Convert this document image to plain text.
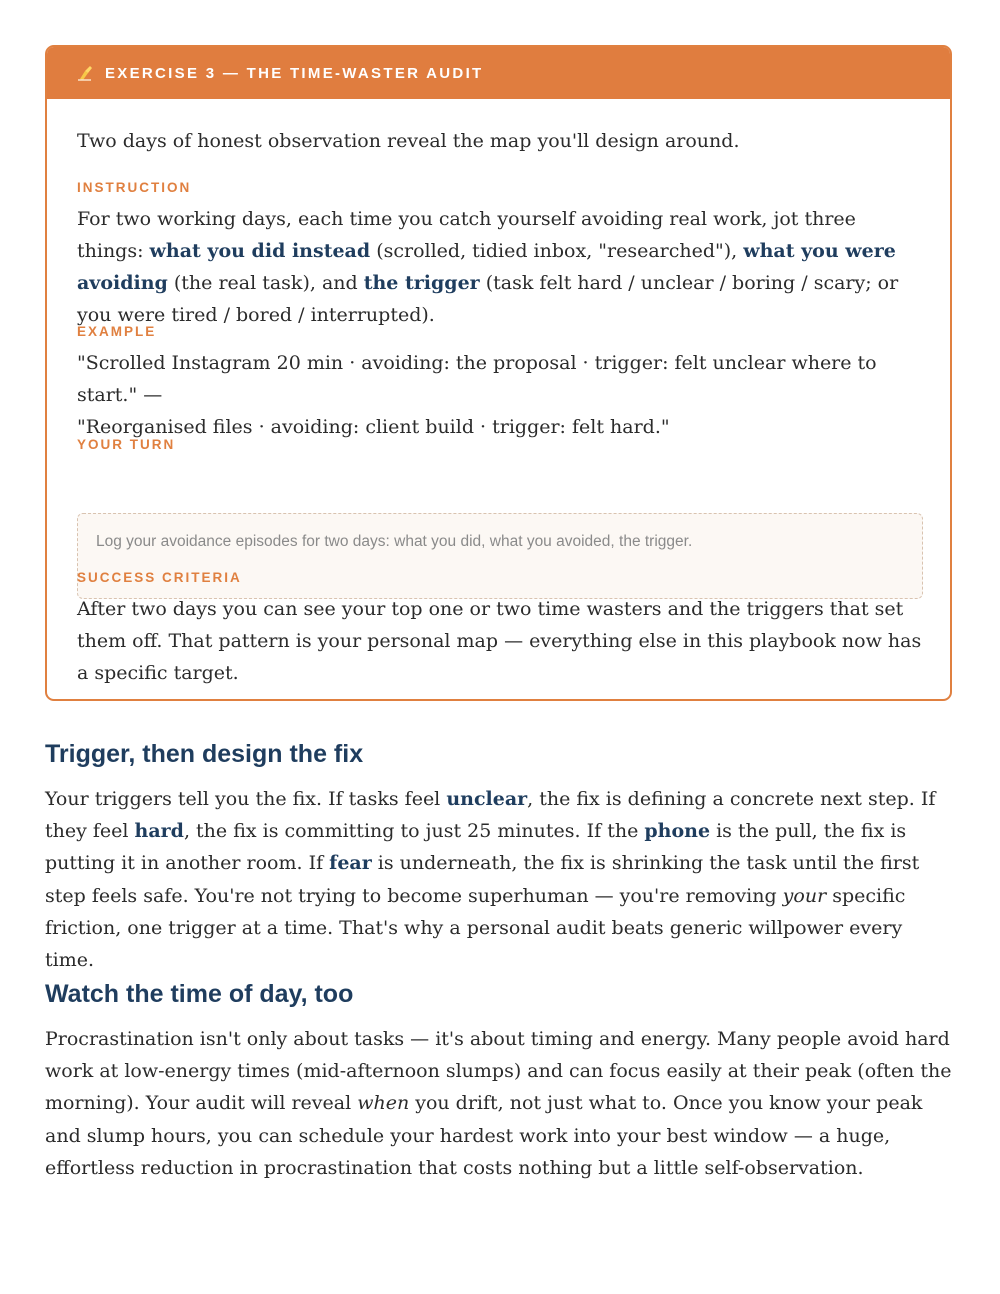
EXERCISE 3 — THE TIME-WASTER AUDIT
Two days of honest observation reveal the map you'll design around.
INSTRUCTION
For two working days, each time you catch yourself avoiding real work, jot three things: what you did instead (scrolled, tidied inbox, "researched"), what you were avoiding (the real task), and the trigger (task felt hard / unclear / boring / scary; or you were tired / bored / interrupted).
EXAMPLE
"Scrolled Instagram 20 min · avoiding: the proposal · trigger: felt unclear where to start." —
"Reorganised files · avoiding: client build · trigger: felt hard."
YOUR TURN
Log your avoidance episodes for two days: what you did, what you avoided, the trigger.
SUCCESS CRITERIA
After two days you can see your top one or two time wasters and the triggers that set them off. That pattern is your personal map — everything else in this playbook now has a specific target.
Trigger, then design the fix
Your triggers tell you the fix. If tasks feel unclear, the fix is defining a concrete next step. If they feel hard, the fix is committing to just 25 minutes. If the phone is the pull, the fix is putting it in another room. If fear is underneath, the fix is shrinking the task until the first step feels safe. You're not trying to become superhuman — you're removing your specific friction, one trigger at a time. That's why a personal audit beats generic willpower every time.
Watch the time of day, too
Procrastination isn't only about tasks — it's about timing and energy. Many people avoid hard work at low-energy times (mid-afternoon slumps) and can focus easily at their peak (often the morning). Your audit will reveal when you drift, not just what to. Once you know your peak and slump hours, you can schedule your hardest work into your best window — a huge, effortless reduction in procrastination that costs nothing but a little self-observation.
